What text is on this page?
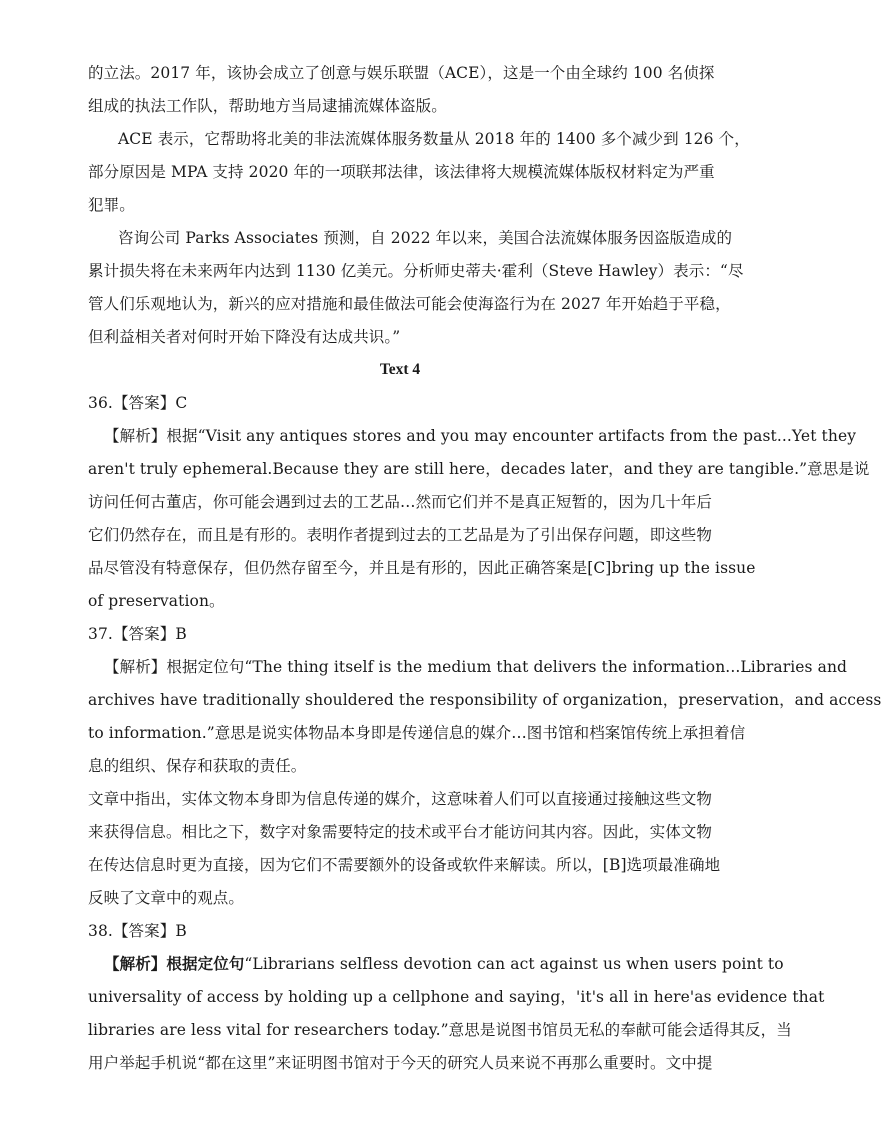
的立法。2017 年，该协会成立了创意与娱乐联盟（ACE），这是一个由全球约 100 名侦探
组成的执法工作队，帮助地方当局逮捕流媒体盗版。
ACE 表示，它帮助将北美的非法流媒体服务数量从 2018 年的 1400 多个减少到 126 个，
部分原因是 MPA 支持 2020 年的一项联邦法律，该法律将大规模流媒体版权材料定为严重
犯罪。
咨询公司 Parks Associates 预测，自 2022 年以来，美国合法流媒体服务因盗版造成的
累计损失将在未来两年内达到 1130 亿美元。分析师史蒂夫·霍利（Steve Hawley）表示：“尽
管人们乐观地认为，新兴的应对措施和最佳做法可能会使海盗行为在 2027 年开始趋于平稳，
但利益相关者对何时开始下降没有达成共识。”
Text 4
36.【答案】C
【解析】根据“Visit any antiques stores and you may encounter artifacts from the past...Yet they
aren't truly ephemeral.Because they are still here，decades later，and they are tangible.”意思是说
访问任何古董店，你可能会遇到过去的工艺品…然而它们并不是真正短暂的，因为几十年后
它们仍然存在，而且是有形的。表明作者提到过去的工艺品是为了引出保存问题，即这些物
品尽管没有特意保存，但仍然存留至今，并且是有形的，因此正确答案是[C]bring up the issue
of preservation。
37.【答案】B
【解析】根据定位句“The thing itself is the medium that delivers the information...Libraries and
archives have traditionally shouldered the responsibility of organization，preservation，and access
to information.”意思是说实体物品本身即是传递信息的媒介…图书馆和档案馆传统上承担着信
息的组织、保存和获取的责任。
文章中指出，实体文物本身即为信息传递的媒介，这意味着人们可以直接通过接触这些文物
来获得信息。相比之下，数字对象需要特定的技术或平台才能访问其内容。因此，实体文物
在传达信息时更为直接，因为它们不需要额外的设备或软件来解读。所以，[B]选项最准确地
反映了文章中的观点。
38.【答案】B
【解析】根据定位句“Librarians selfless devotion can act against us when users point to
universality of access by holding up a cellphone and saying，'it's all in here'as evidence that
libraries are less vital for researchers today.”意思是说图书馆员无私的奉献可能会适得其反，当
用户举起手机说“都在这里”来证明图书馆对于今天的研究人员来说不再那么重要时。文中提
